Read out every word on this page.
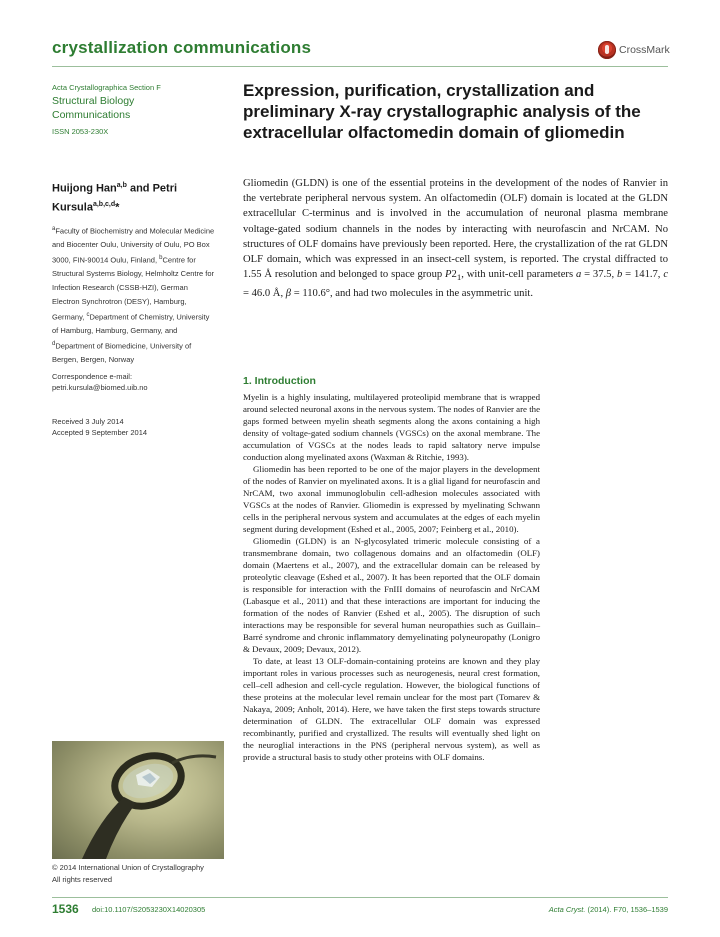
crystallization communications	CrossMark
Acta Crystallographica Section F
Structural Biology
Communications
ISSN 2053-230X
Expression, purification, crystallization and preliminary X-ray crystallographic analysis of the extracellular olfactomedin domain of gliomedin
Huijong Han$^{a,b}$ and Petri
Kursula$^{a,b,c,d}$*
$^a$Faculty of Biochemistry and Molecular Medicine and Biocenter Oulu, University of Oulu, PO Box 3000, FIN-90014 Oulu, Finland, $^b$Centre for Structural Systems Biology, Helmholtz Centre for Infection Research (CSSB-HZI), German Electron Synchrotron (DESY), Hamburg, Germany, $^c$Department of Chemistry, University of Hamburg, Hamburg, Germany, and $^d$Department of Biomedicine, University of Bergen, Bergen, Norway
Correspondence e-mail:
petri.kursula@biomed.uib.no
Received 3 July 2014
Accepted 9 September 2014
Gliomedin (GLDN) is one of the essential proteins in the development of the nodes of Ranvier in the vertebrate peripheral nervous system. An olfactomedin (OLF) domain is located at the GLDN extracellular C-terminus and is involved in the accumulation of neuronal plasma membrane voltage-gated sodium channels in the nodes by interacting with neurofascin and NrCAM. No structures of OLF domains have previously been reported. Here, the crystallization of the rat GLDN OLF domain, which was expressed in an insect-cell system, is reported. The crystal diffracted to 1.55 Å resolution and belonged to space group $P2_1$, with unit-cell parameters a = 37.5, b = 141.7, c = 46.0 Å, β = 110.6°, and had two molecules in the asymmetric unit.
1. Introduction

Myelin is a highly insulating, multilayered proteolipid membrane that is wrapped around selected neuronal axons in the nervous system. The nodes of Ranvier are the gaps formed between myelin sheath segments along the axons containing a high density of voltage-gated sodium channels (VGSCs) on the axonal membrane. The accumulation of VGSCs at the nodes leads to rapid saltatory nerve impulse conduction along myelinated axons (Waxman & Ritchie, 1993).

Gliomedin has been reported to be one of the major players in the development of the nodes of Ranvier on myelinated axons. It is a glial ligand for neurofascin and NrCAM, two axonal immunoglobulin cell-adhesion molecules associated with VGSCs at the nodes of Ranvier. Gliomedin is expressed by myelinating Schwann cells in the peripheral nervous system and accumulates at the edges of each myelin segment during development (Eshed et al., 2005, 2007; Feinberg et al., 2010).

Gliomedin (GLDN) is an N-glycosylated trimeric molecule consisting of a transmembrane domain, two collagenous domains and an olfactomedin (OLF) domain (Maertens et al., 2007), and the extracellular domain can be released by proteolytic cleavage (Eshed et al., 2007). It has been reported that the OLF domain is responsible for interaction with the FnIII domains of neurofascin and NrCAM (Labasque et al., 2011) and that these interactions are important for inducing the formation of the nodes of Ranvier (Eshed et al., 2005). The disruption of such interactions may be responsible for several human neuropathies such as Guillain–Barré syndrome and chronic inflammatory demyelinating polyneuropathy (Lonigro & Devaux, 2009; Devaux, 2012).

To date, at least 13 OLF-domain-containing proteins are known and they play important roles in various processes such as neurogenesis, neural crest formation, cell–cell adhesion and cell-cycle regulation. However, the biological functions of these proteins at the molecular level remain unclear for the most part (Tomarev & Nakaya, 2009; Anholt, 2014). Here, we have taken the first steps towards structure determination of GLDN. The extracellular OLF domain was expressed recombinantly, purified and crystallized. The results will eventually shed light on the neuroglial interactions in the PNS (peripheral nervous system), as well as provide a structural basis to study other proteins with OLF domains.

© 2014 International Union of Crystallography
All rights reserved
1536 doi:10.1107/S2053230X14020305	Acta Cryst. (2014). F70, 1536–1539
